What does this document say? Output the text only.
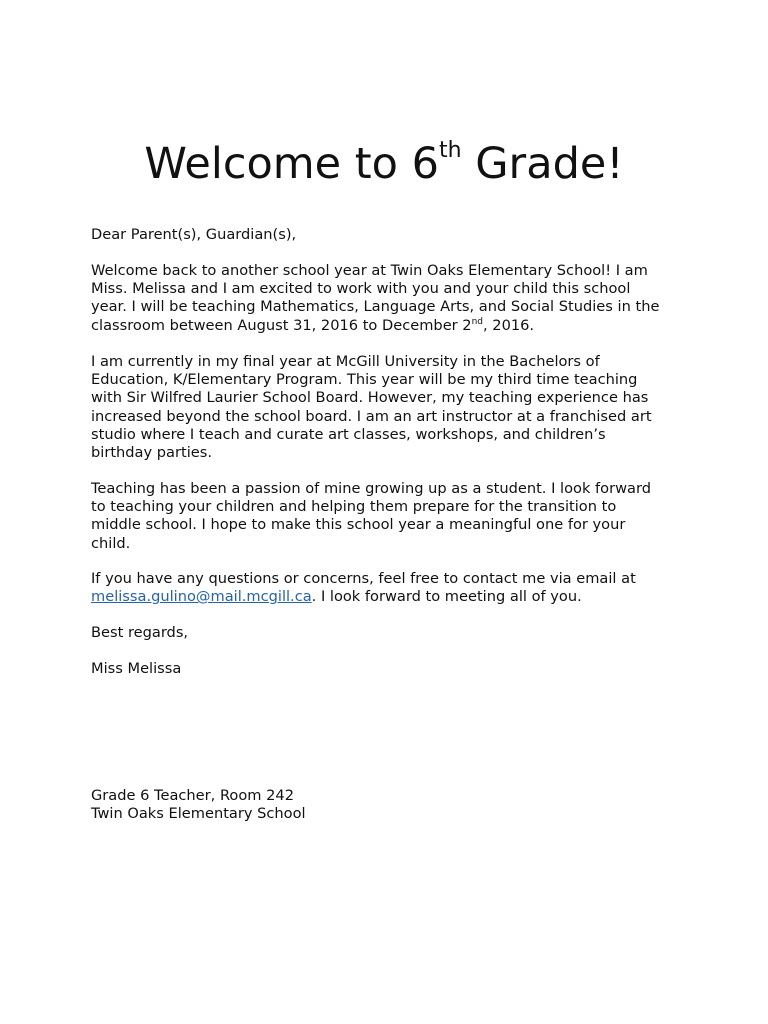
Welcome to 6th Grade!

Dear Parent(s), Guardian(s),

Welcome back to another school year at Twin Oaks Elementary School! I am
Miss. Melissa and I am excited to work with you and your child this school
year. I will be teaching Mathematics, Language Arts, and Social Studies in the
classroom between August 31, 2016 to December 2nd, 2016.

I am currently in my final year at McGill University in the Bachelors of
Education, K/Elementary Program. This year will be my third time teaching
with Sir Wilfred Laurier School Board. However, my teaching experience has
increased beyond the school board. I am an art instructor at a franchised art
studio where I teach and curate art classes, workshops, and children’s
birthday parties.

Teaching has been a passion of mine growing up as a student. I look forward
to teaching your children and helping them prepare for the transition to
middle school. I hope to make this school year a meaningful one for your
child.

If you have any questions or concerns, feel free to contact me via email at
melissa.gulino@mail.mcgill.ca. I look forward to meeting all of you.

Best regards,

Miss Melissa

Grade 6 Teacher, Room 242
Twin Oaks Elementary School
